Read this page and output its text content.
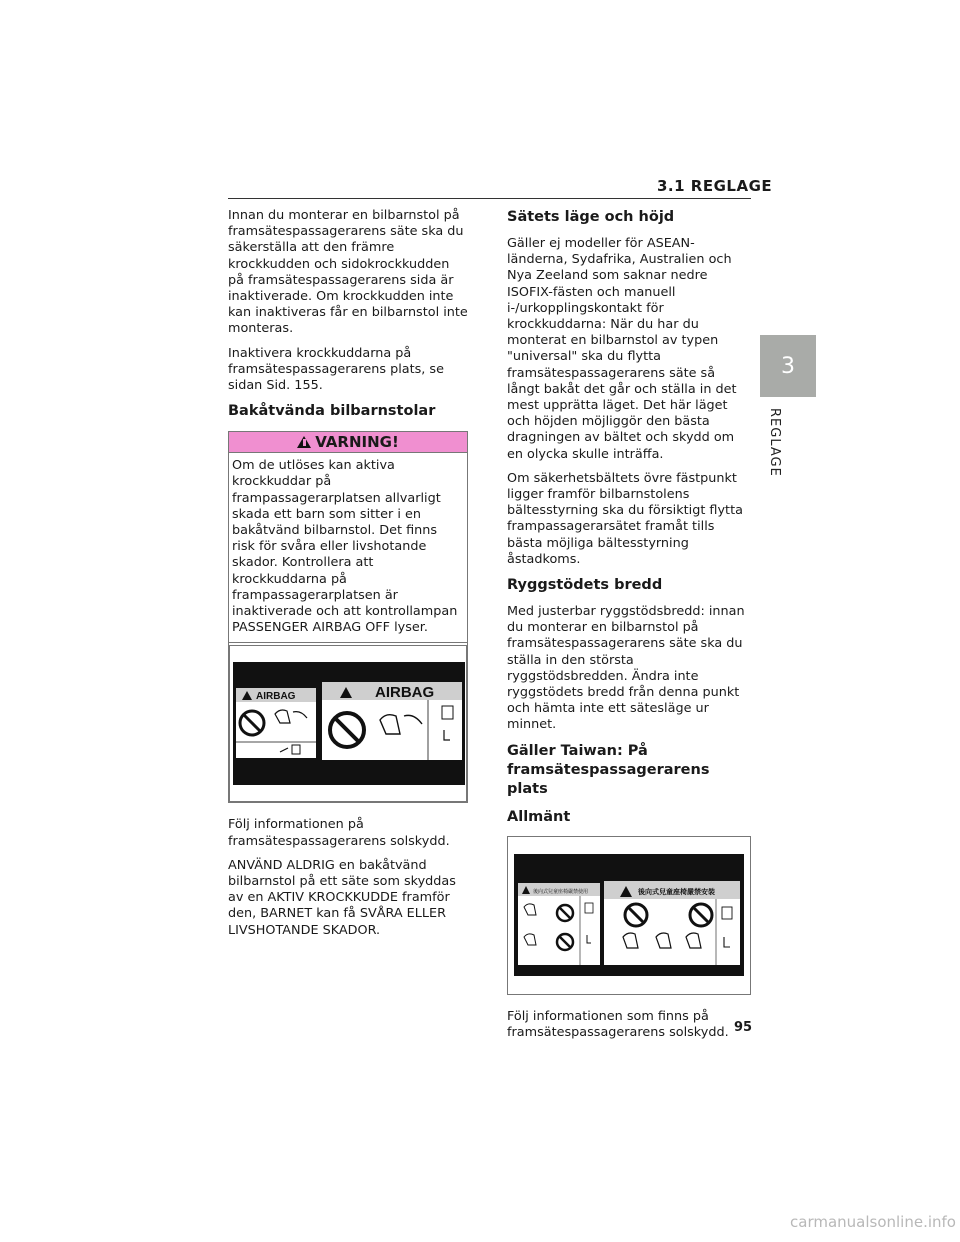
3.1 REGLAGE

Innan du monterar en bilbarnstol på framsätespassagerarens säte ska du säkerställa att den främre krockkudden och sidokrockkudden på framsätespassagerarens sida är inaktiverade. Om krockkudden inte kan inaktiveras får en bilbarnstol inte monteras.

Inaktivera krockkuddarna på framsätespassagerarens plats, se sidan Sid. 155.

Bakåtvända bilbarnstolar
VARNING!
Om de utlöses kan aktiva krockkuddar på frampassagerarplatsen allvarligt skada ett barn som sitter i en bakåtvänd bilbarnstol. Det finns risk för svåra eller livshotande skador. Kontrollera att krockkuddarna på frampassagerarplatsen är inaktiverade och att kontrollampan PASSENGER AIRBAG OFF lyser.
AIRBAG	AIRBAG

Följ informationen på framsätespassagerarens solskydd.

ANVÄND ALDRIG en bakåtvänd bilbarnstol på ett säte som skyddas av en AKTIV KROCKKUDDE framför den, BARNET kan få SVÅRA ELLER LIVSHOTANDE SKADOR.

Sätets läge och höjd

Gäller ej modeller för ASEAN-länderna, Sydafrika, Australien och Nya Zeeland som saknar nedre ISOFIX-fästen och manuell i-/urkopplingskontakt för krockkuddarna: När du har du monterat en bilbarnstol av typen "universal" ska du flytta framsätespassagerarens säte så långt bakåt det går och ställa in det mest upprätta läget. Det här läget och höjden möjliggör den bästa dragningen av bältet och skydd om en olycka skulle inträffa.

Om säkerhetsbältets övre fästpunkt ligger framför bilbarnstolens bältesstyrning ska du försiktigt flytta frampassagerarsätet framåt tills bästa möjliga bältesstyrning åstadkoms.

Ryggstödets bredd

Med justerbar ryggstödsbredd: innan du monterar en bilbarnstol på framsätespassagerarens säte ska du ställa in den största ryggstödsbredden. Ändra inte ryggstödets bredd från denna punkt och hämta inte ett sätesläge ur minnet.

Gäller Taiwan: På framsätespassagerarens plats
Allmänt
後向式兒童座椅嚴禁使用	後向式兒童座椅嚴禁安裝

Följ informationen som finns på framsätespassagerarens solskydd.

3
REGLAGE
95
carmanualsonline.info
